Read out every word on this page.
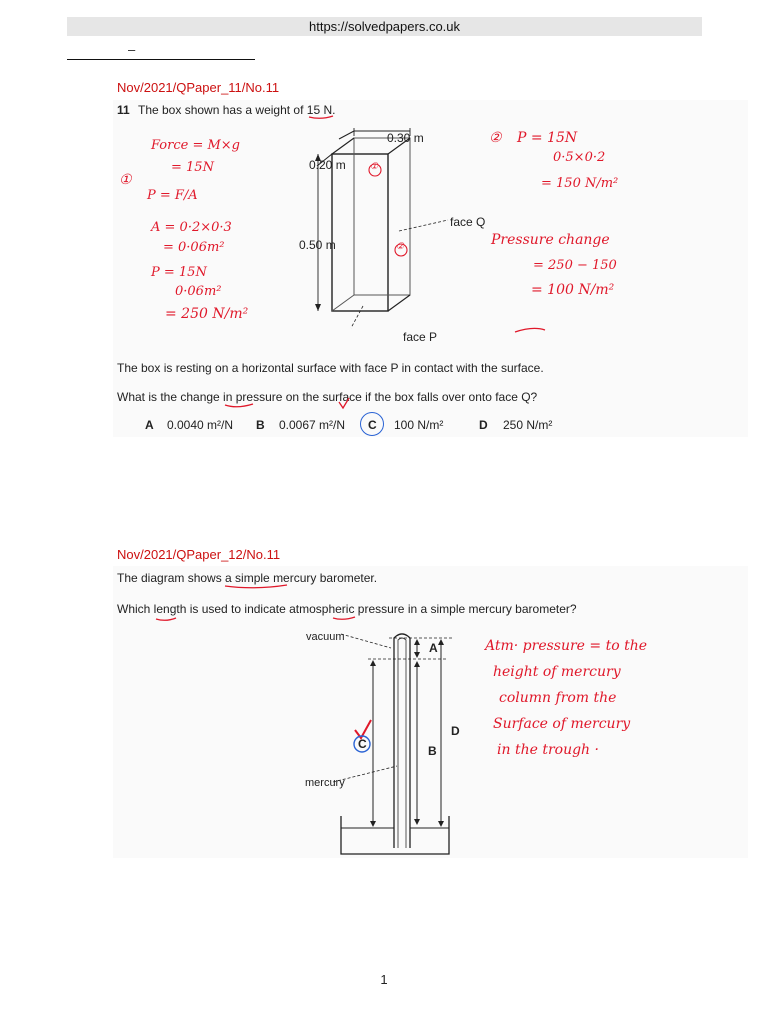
https://solvedpapers.co.uk
–
Nov/2021/QPaper_11/No.11
11 The box shown has a weight of 15 N.
0.30 m
0.20 m
0.50 m
face Q
face P
①
②
Force = M×g
= 15N
①
P = F/A
A = 0·2×0·3
= 0·06m²
P = 15N
0·06m²
= 250 N/m²
② P = 15N
0·5×0·2
= 150 N/m²
Pressure change
= 250 − 150
= 100 N/m²
The box is resting on a horizontal surface with face P in contact with the surface.
What is the change in pressure on the surface if the box falls over onto face Q?
A 0.0040 m²/N B 0.0067 m²/N C 100 N/m²	D 250 N/m²
Nov/2021/QPaper_12/No.11
The diagram shows a simple mercury barometer.
Which length is used to indicate atmospheric pressure in a simple mercury barometer?
vacuum
mercury
A
B
C
D
Atm· pressure = to the
height of mercury
column from the
Surface of mercury
in the trough ·
1
